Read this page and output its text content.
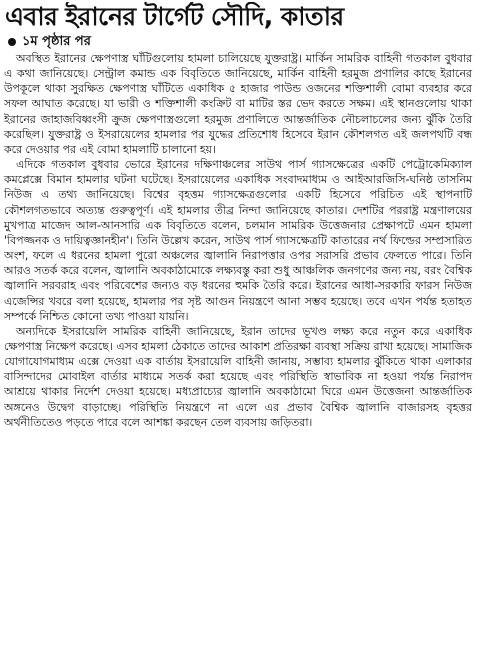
এবার ইরানের টার্গেট সৌদি, কাতার
১ম পৃষ্ঠার পর

অবস্থিত ইরানের ক্ষেপণাস্ত্র ঘাঁটিগুলোয় হামলা চালিয়েছে যুক্তরাষ্ট্র। মার্কিন সামরিক বাহিনী গতকাল বুধবার এ কথা জানিয়েছে। সেন্ট্রাল কমান্ড এক বিবৃতিতে জানিয়েছে, মার্কিন বাহিনী হরমুজ প্রণালির কাছে ইরানের উপকূলে থাকা সুরক্ষিত ক্ষেপণাস্ত্র ঘাঁটিতে একাধিক ৫ হাজার পাউন্ড ওজনের শক্তিশালী বোমা ব্যবহার করে সফল আঘাত করেছে। যা ভারী ও শক্তিশালী কংক্রিট বা মাটির স্তর ভেদ করতে সক্ষম। এই স্থানগুলোয় থাকা ইরানের জাহাজবিধ্বংসী ক্রুজ ক্ষেপণাস্ত্রগুলো হরমুজ প্রণালিতে আন্তর্জাতিক নৌচলাচলের জন্য ঝুঁকি তৈরি করেছিল। যুক্তরাষ্ট্র ও ইসরায়েলের হামলার পর যুদ্ধের প্রতিশোধ হিসেবে ইরান কৌশলগত এই জলপথটি বন্ধ করে দেওয়ার পর এই বোমা হামলাটি চালানো হয়।

এদিকে গতকাল বুধবার ভোরে ইরানের দক্ষিণাঞ্চলের সাউথ পার্স গ্যাসক্ষেত্রের একটি পেট্রোকেমিক্যাল কমপ্লেক্সে বিমান হামলার ঘটনা ঘটেছে। ইসরায়েলের একাধিক সংবাদমাধ্যম ও আইআরজিসি-ঘনিষ্ঠ তাসনিম নিউজ এ তথ্য জানিয়েছে। বিশ্বের বৃহত্তম গ্যাসক্ষেত্রগুলোর একটি হিসেবে পরিচিত এই স্থাপনাটি কৌশলগতভাবে অত্যন্ত গুরুত্বপূর্ণ। এই হামলার তীব্র নিন্দা জানিয়েছে কাতার। দেশটির পররাষ্ট্র মন্ত্রণালয়ের মুখপাত্র মাজেদ আল-আনসারি এক বিবৃতিতে বলেন, চলমান সামরিক উত্তেজনার প্রেক্ষাপটে এমন হামলা 'বিপজ্জনক ও দায়িত্বজ্ঞানহীন'। তিনি উল্লেখ করেন, সাউথ পার্স গ্যাসক্ষেত্রটি কাতারের নর্থ ফিল্ডের সম্প্রসারিত অংশ, ফলে এ ধরনের হামলা পুরো অঞ্চলের জ্বালানি নিরাপত্তার ওপর সরাসরি প্রভাব ফেলতে পারে। তিনি আরও সতর্ক করে বলেন, জ্বালানি অবকাঠামোকে লক্ষ্যবস্তু করা শুধু আঞ্চলিক জনগণের জন্য নয়, বরং বৈশ্বিক জ্বালানি সরবরাহ এবং পরিবেশের জন্যও বড় ধরনের হুমকি তৈরি করে। ইরানের আধা-সরকারি ফারস নিউজ এজেন্সির খবরে বলা হয়েছে, হামলার পর সৃষ্ট আগুন নিয়ন্ত্রণে আনা সম্ভব হয়েছে। তবে এখন পর্যন্ত হতাহত সম্পর্কে নিশ্চিত কোনো তথ্য পাওয়া যায়নি।

অন্যদিকে ইসরায়েলি সামরিক বাহিনী জানিয়েছে, ইরান তাদের ভূখণ্ড লক্ষ্য করে নতুন করে একাধিক ক্ষেপণাস্ত্র নিক্ষেপ করেছে। এসব হামলা ঠেকাতে তাদের আকাশ প্রতিরক্ষা ব্যবস্থা সক্রিয় রাখা হয়েছে। সামাজিক যোগাযোগমাধ্যম এক্সে দেওয়া এক বার্তায় ইসরায়েলি বাহিনী জানায়, সম্ভাব্য হামলার ঝুঁকিতে থাকা এলাকার বাসিন্দাদের মোবাইল বার্তার মাধ্যমে সতর্ক করা হয়েছে এবং পরিস্থিতি স্বাভাবিক না হওয়া পর্যন্ত নিরাপদ আশ্রয়ে থাকার নির্দেশ দেওয়া হয়েছে। মধ্যপ্রাচ্যের জ্বালানি অবকাঠামো ঘিরে এমন উত্তেজনা আন্তর্জাতিক অঙ্গনেও উদ্বেগ বাড়াচ্ছে। পরিস্থিতি নিয়ন্ত্রণে না এলে এর প্রভাব বৈশ্বিক জ্বালানি বাজারসহ বৃহত্তর অর্থনীতিতেও পড়তে পারে বলে আশঙ্কা করছেন তেল ব্যবসায় জড়িতরা।
